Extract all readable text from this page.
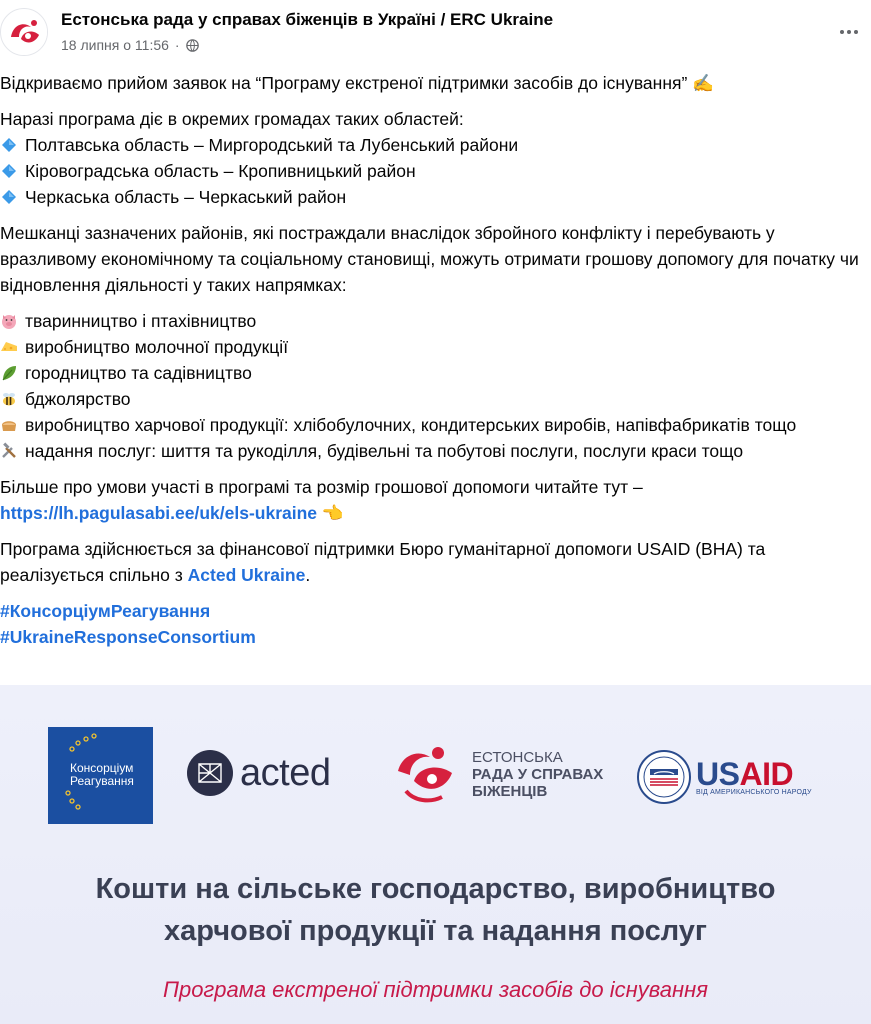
Естонська рада у справах біженців в Україні / ERC Ukraine
18 липня о 11:56 ·

Відкриваємо прийом заявок на “Програму екстреної підтримки засобів до існування” ✍️

Наразі програма діє в окремих громадах таких областей:
Полтавська область – Миргородський та Лубенський райони
Кіровоградська область – Кропивницький район
Черкаська область – Черкаський район

Мешканці зазначених районів, які постраждали внаслідок збройного конфлікту і перебувають у вразливому економічному та соціальному становищі, можуть отримати грошову допомогу для початку чи відновлення діяльності у таких напрямках:

тваринництво і птахівництво
виробництво молочної продукції
городництво та садівництво
бджолярство
виробництво харчової продукції: хлібобулочних, кондитерських виробів, напівфабрикатів тощо
надання послуг: шиття та рукоділля, будівельні та побутові послуги, послуги краси тощо

Більше про умови участі в програмі та розмір грошової допомоги читайте тут –
https://lh.pagulasabi.ee/uk/els-ukraine 👈

Програма здійснюється за фінансової підтримки Бюро гуманітарної допомоги USAID (BHA) та реалізується спільно з Acted Ukraine.

#КонсорціумРеагування
#UkraineResponseConsortium

Консорціум
Реагування	acted	ЕСТОНСЬКА
РАДА У СПРАВАХ
БІЖЕНЦІВ	USAID
ВІД АМЕРИКАНСЬКОГО НАРОДУ
Кошти на сільське господарство, виробництво
харчової продукції та надання послуг
Програма екстреної підтримки засобів до існування
